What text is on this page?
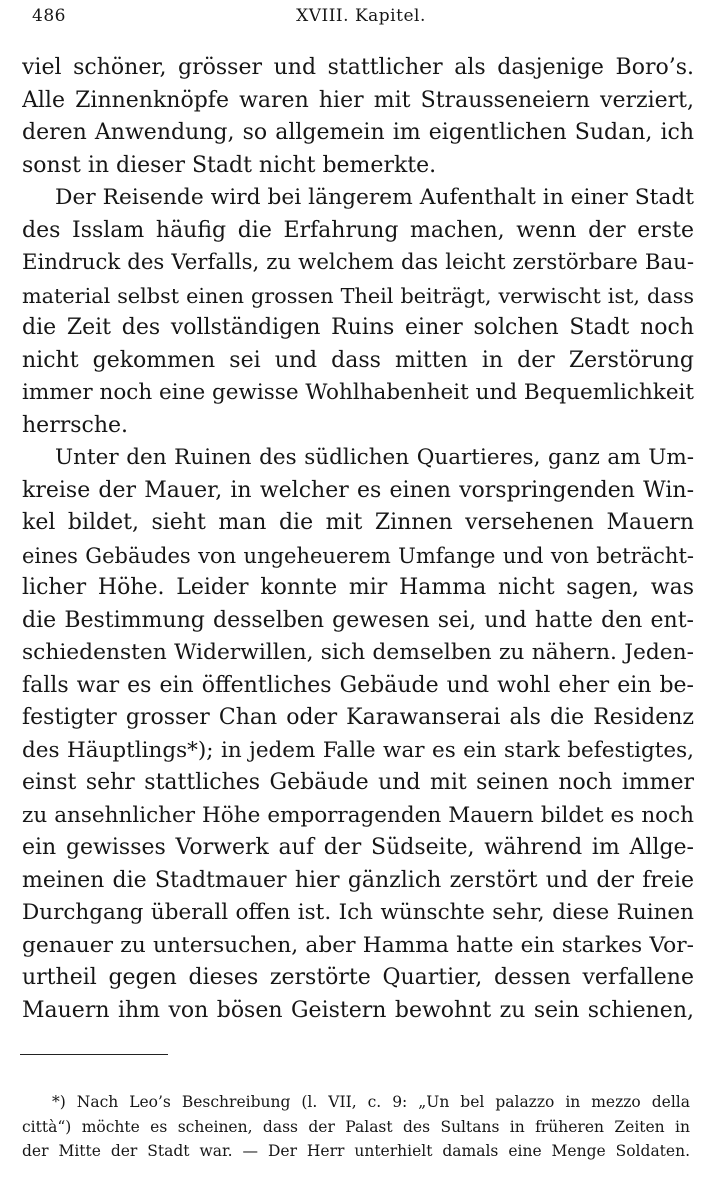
486	XVIII. Kapitel.
viel schöner, grösser und stattlicher als dasjenige Boro’s.
Alle Zinnenknöpfe waren hier mit Straussenеiern verziert,
deren Anwendung, so allgemein im eigentlichen Sudan, ich
sonst in dieser Stadt nicht bemerkte.
Der Reisende wird bei längerem Aufenthalt in einer Stadt
des Isslam häufig die Erfahrung machen, wenn der erste
Eindruck des Verfalls, zu welchem das leicht zerstörbare Bau-
material selbst einen grossen Theil beiträgt, verwischt ist, dass
die Zeit des vollständigen Ruins einer solchen Stadt noch
nicht gekommen sei und dass mitten in der Zerstörung
immer noch eine gewisse Wohlhabenheit und Bequemlichkeit
herrsche.
Unter den Ruinen des südlichen Quartieres, ganz am Um-
kreise der Mauer, in welcher es einen vorspringenden Win-
kel bildet, sieht man die mit Zinnen versehenen Mauern
eines Gebäudes von ungeheuerem Umfange und von beträcht-
licher Höhe. Leider konnte mir Hamma nicht sagen, was
die Bestimmung desselben gewesen sei, und hatte den ent-
schiedensten Widerwillen, sich demselben zu nähern. Jeden-
falls war es ein öffentliches Gebäude und wohl eher ein be-
festigter grosser Chan oder Karawanserai als die Residenz
des Häuptlings*); in jedem Falle war es ein stark befestigtes,
einst sehr stattliches Gebäude und mit seinen noch immer
zu ansehnlicher Höhe emporragenden Mauern bildet es noch
ein gewisses Vorwerk auf der Südseite, während im Allge-
meinen die Stadtmauer hier gänzlich zerstört und der freie
Durchgang überall offen ist. Ich wünschte sehr, diese Ruinen
genauer zu untersuchen, aber Hamma hatte ein starkes Vor-
urtheil gegen dieses zerstörte Quartier, dessen verfallene
Mauern ihm von bösen Geistern bewohnt zu sein schienen,
*) Nach Leo’s Beschreibung (l. VII, c. 9: „Un bel palazzo in mezzo della
città“) möchte es scheinen, dass der Palast des Sultans in früheren Zeiten in
der Mitte der Stadt war. — Der Herr unterhielt damals eine Menge Soldaten.
